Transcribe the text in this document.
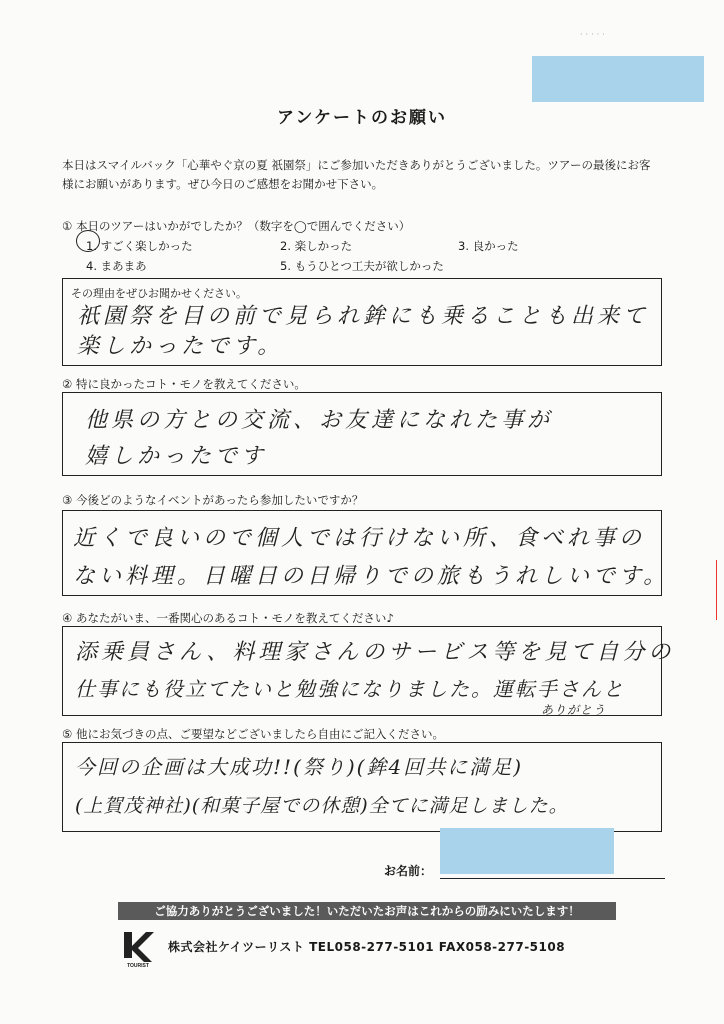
·····
アンケートのお願い
本日はスマイルバック「心華やぐ京の夏 祇園祭」にご参加いただきありがとうございました。ツアーの最後にお客様にお願いがあります。ぜひ今日のご感想をお聞かせ下さい。
① 本日のツアーはいかがでしたか？（数字を◯で囲んでください）
1. すごく楽しかった	2. 楽しかった	3. 良かった
4. まあまあ	5. もうひとつ工夫が欲しかった
その理由をぜひお聞かせください。
祇園祭を目の前で見られ鉾にも乗ることも出来て
楽しかったです。
② 特に良かったコト・モノを教えてください。
他県の方との交流、お友達になれた事が
嬉しかったです
③ 今後どのようなイベントがあったら参加したいですか？
近くで良いので個人では行けない所、食べれ事の
ない料理。日曜日の日帰りでの旅もうれしいです。
④ あなたがいま、一番関心のあるコト・モノを教えてください♪
添乗員さん、料理家さんのサービス等を見て自分の
仕事にも役立てたいと勉強になりました。運転手さんと
ありがとう
⑤ 他にお気づきの点、ご要望などございましたら自由にご記入ください。
今回の企画は大成功!!(祭り)(鉾4回共に満足)
(上賀茂神社)(和菓子屋での休憩)全てに満足しました。
お名前：
ご協力ありがとうございました！いただいたお声はこれからの励みにいたします！
TOURIST
株式会社ケイツーリスト TEL058-277-5101 FAX058-277-5108
